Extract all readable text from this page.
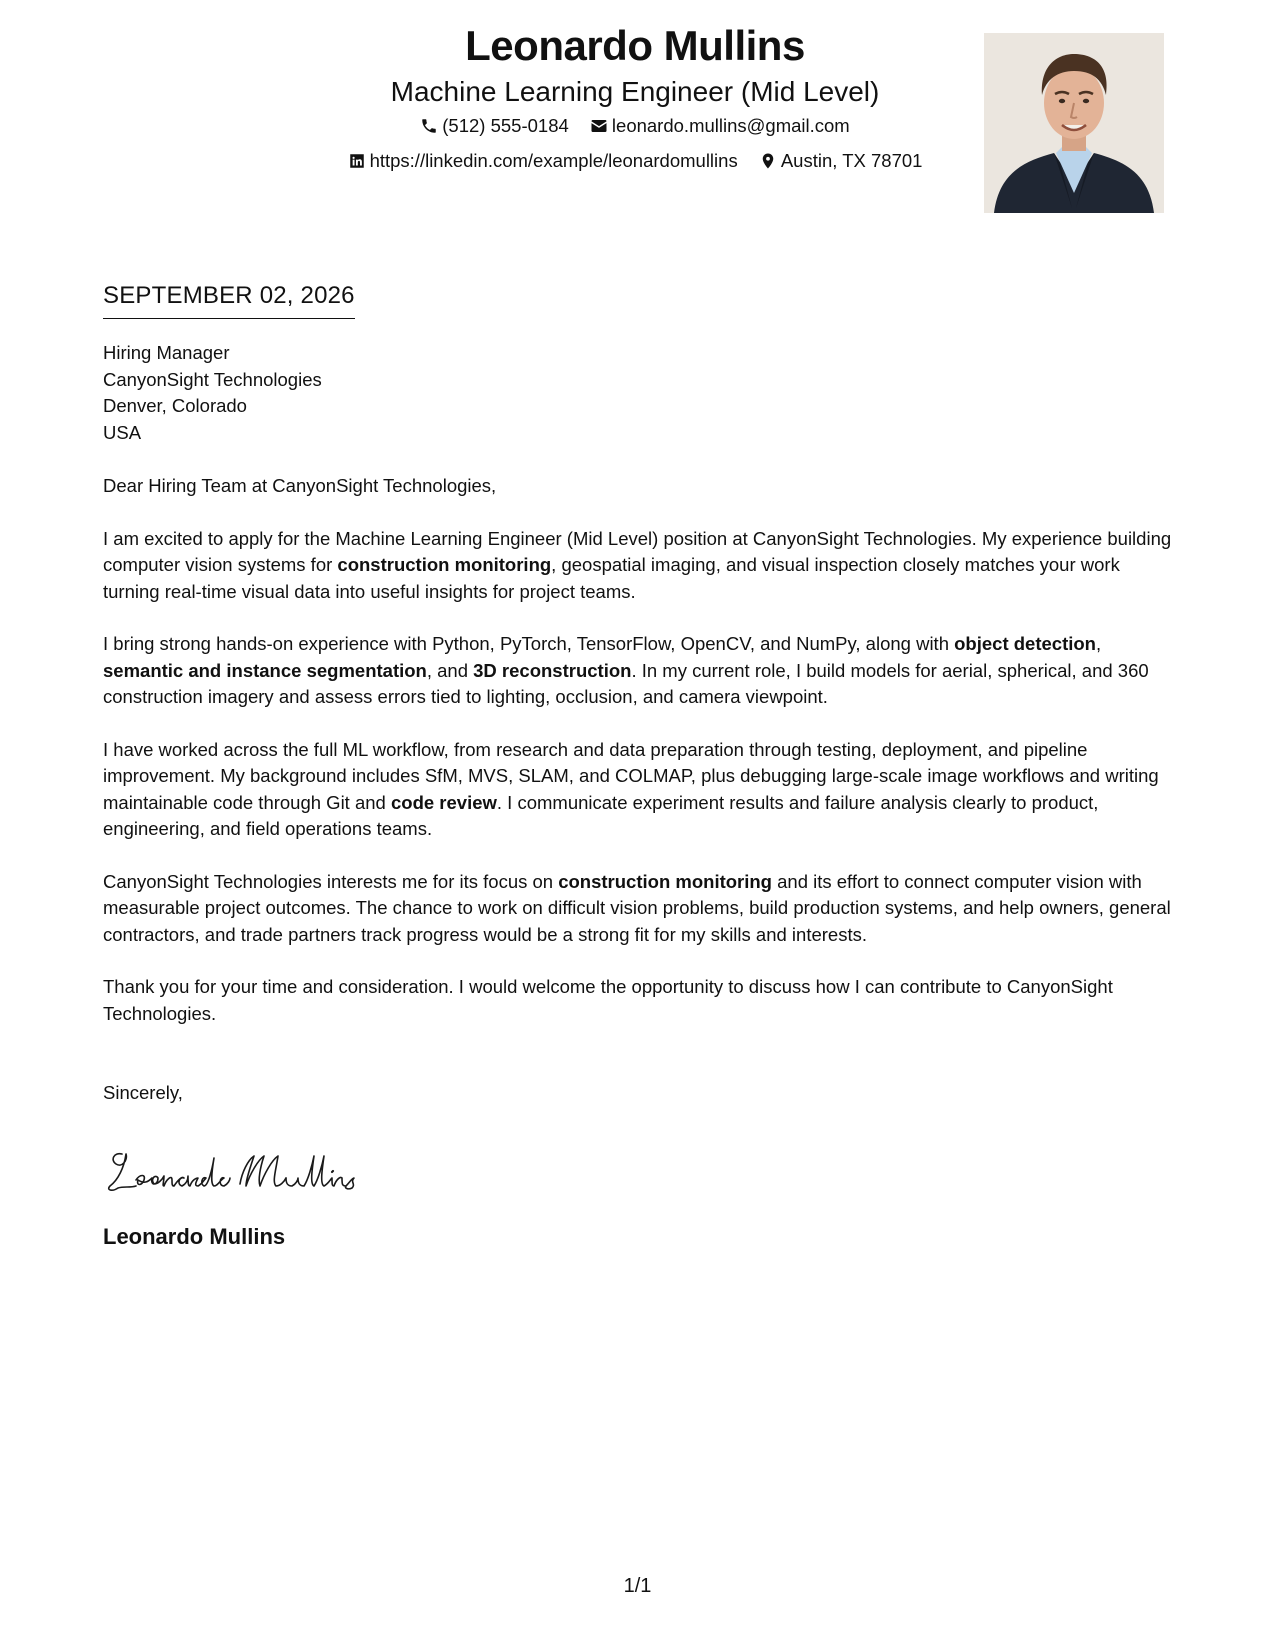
Leonardo Mullins
Machine Learning Engineer (Mid Level)
(512) 555-0184
leonardo.mullins@gmail.com
https://linkedin.com/example/leonardomullins
Austin, TX 78701
SEPTEMBER 02, 2026
Hiring Manager
CanyonSight Technologies
Denver, Colorado
USA

Dear Hiring Team at CanyonSight Technologies,

I am excited to apply for the Machine Learning Engineer (Mid Level) position at CanyonSight Technologies. My experience building computer vision systems for construction monitoring, geospatial imaging, and visual inspection closely matches your work turning real-time visual data into useful insights for project teams.

I bring strong hands-on experience with Python, PyTorch, TensorFlow, OpenCV, and NumPy, along with object detection, semantic and instance segmentation, and 3D reconstruction. In my current role, I build models for aerial, spherical, and 360 construction imagery and assess errors tied to lighting, occlusion, and camera viewpoint.

I have worked across the full ML workflow, from research and data preparation through testing, deployment, and pipeline improvement. My background includes SfM, MVS, SLAM, and COLMAP, plus debugging large-scale image workflows and writing maintainable code through Git and code review. I communicate experiment results and failure analysis clearly to product, engineering, and field operations teams.

CanyonSight Technologies interests me for its focus on construction monitoring and its effort to connect computer vision with measurable project outcomes. The chance to work on difficult vision problems, build production systems, and help owners, general contractors, and trade partners track progress would be a strong fit for my skills and interests.

Thank you for your time and consideration. I would welcome the opportunity to discuss how I can contribute to CanyonSight Technologies.

Sincerely,
Leonardo Mullins
1/1
